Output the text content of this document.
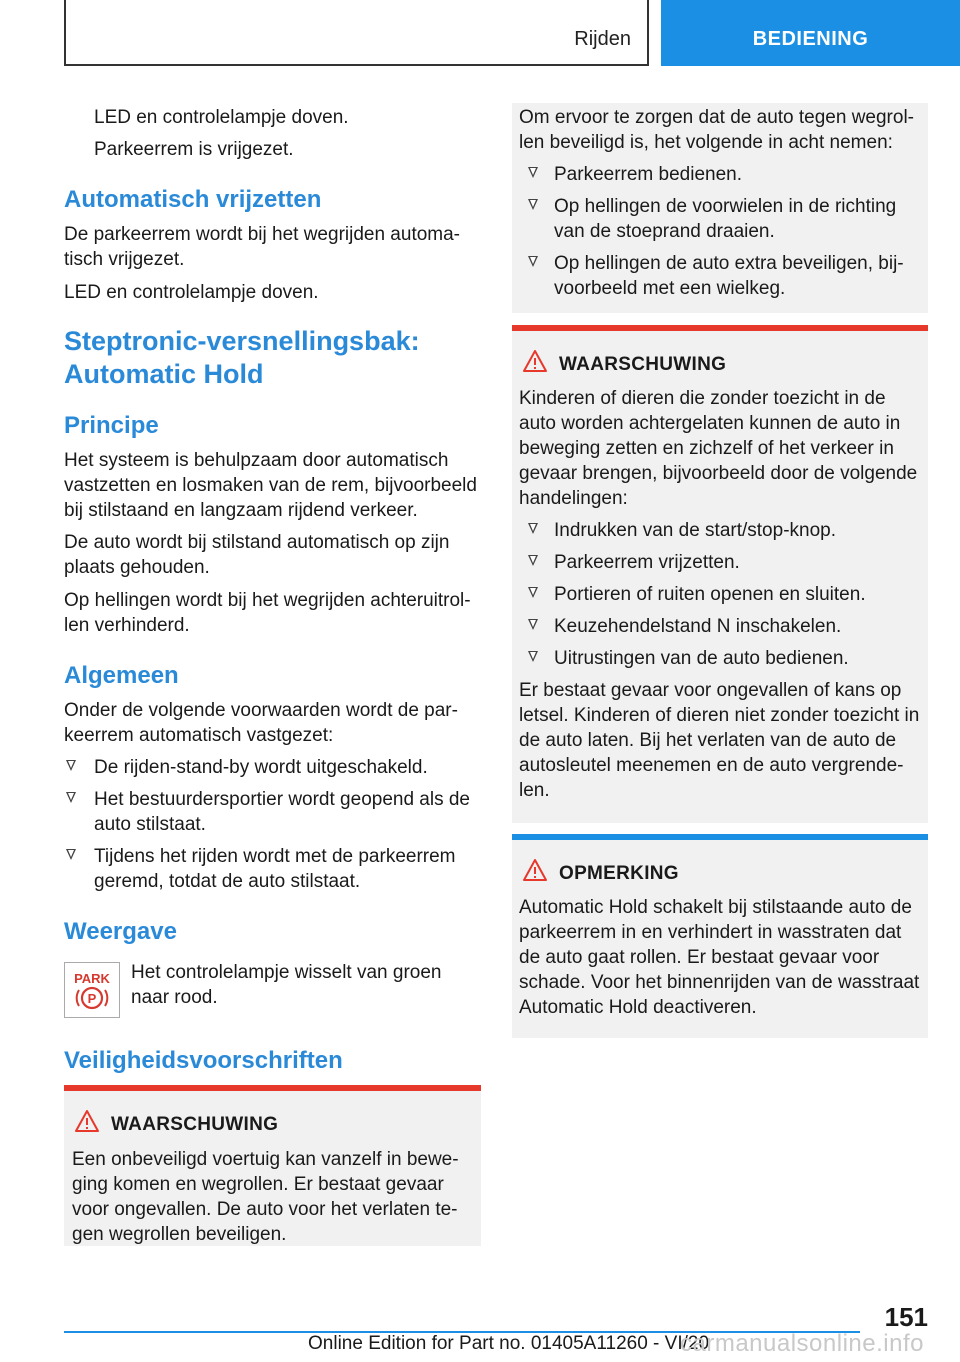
Rijden	BEDIENING
LED en controlelampje doven.
Parkeerrem is vrijgezet.
Automatisch vrijzetten
De parkeerrem wordt bij het wegrijden automa‐
tisch vrijgezet.
LED en controlelampje doven.
Steptronic-versnellingsbak:
Automatic Hold
Principe
Het systeem is behulpzaam door automatisch
vastzetten en losmaken van de rem, bijvoorbeeld
bij stilstaand en langzaam rijdend verkeer.
De auto wordt bij stilstand automatisch op zijn
plaats gehouden.
Op hellingen wordt bij het wegrijden achteruitrol‐
len verhinderd.
Algemeen
Onder de volgende voorwaarden wordt de par‐
keerrem automatisch vastgezet:
De rijden-stand-by wordt uitgeschakeld.
Het bestuurdersportier wordt geopend als de
auto stilstaat.
Tijdens het rijden wordt met de parkeerrem
geremd, totdat de auto stilstaat.
Weergave
PARK
P
Het controlelampje wisselt van groen
naar rood.
Veiligheidsvoorschriften
WAARSCHUWING
Een onbeveiligd voertuig kan vanzelf in bewe‐
ging komen en wegrollen. Er bestaat gevaar
voor ongevallen. De auto voor het verlaten te‐
gen wegrollen beveiligen.
Om ervoor te zorgen dat de auto tegen wegrol‐
len beveiligd is, het volgende in acht nemen:
Parkeerrem bedienen.
Op hellingen de voorwielen in de richting
van de stoeprand draaien.
Op hellingen de auto extra beveiligen, bij‐
voorbeeld met een wielkeg.
WAARSCHUWING
Kinderen of dieren die zonder toezicht in de
auto worden achtergelaten kunnen de auto in
beweging zetten en zichzelf of het verkeer in
gevaar brengen, bijvoorbeeld door de volgende
handelingen:
Indrukken van de start/stop-knop.
Parkeerrem vrijzetten.
Portieren of ruiten openen en sluiten.
Keuzehendelstand N inschakelen.
Uitrustingen van de auto bedienen.
Er bestaat gevaar voor ongevallen of kans op
letsel. Kinderen of dieren niet zonder toezicht in
de auto laten. Bij het verlaten van de auto de
autosleutel meenemen en de auto vergrende‐
len.
OPMERKING
Automatic Hold schakelt bij stilstaande auto de
parkeerrem in en verhindert in wasstraten dat
de auto gaat rollen. Er bestaat gevaar voor
schade. Voor het binnenrijden van de wasstraat
Automatic Hold deactiveren.
151
Online Edition for Part no. 01405A11260 - VI/20
carmanualsonline.info
